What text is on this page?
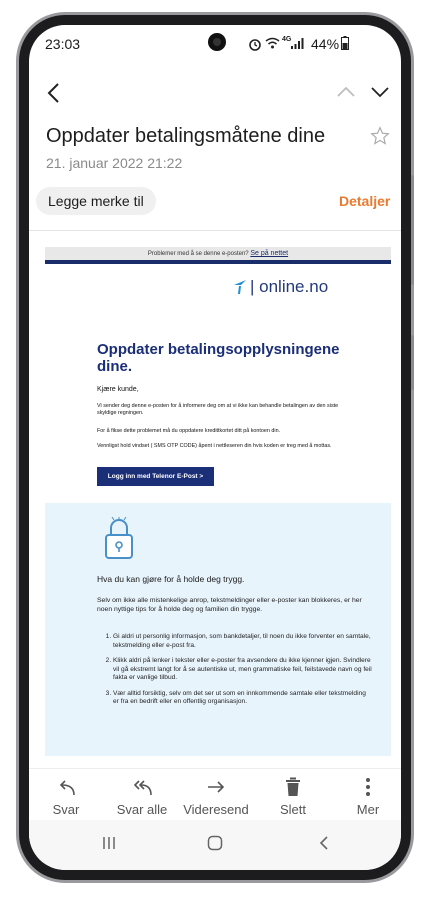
23:03	4G 44%
Oppdater betalingsmåtene dine
21. januar 2022 21:22
Legge merke til	Detaljer
Problemer med å se denne e-posten? Se på nettet
| online.no
Oppdater betalingsopplysningene dine.
Kjære kunde,
Vi sender deg denne e-posten for å informere deg om at vi ikke kan behandle betalingen av den siste skyldige regningen.
For å fikse dette problemet må du oppdatere kredittkortet ditt på kontoen din.
Vennligst hold vindset ( SMS OTP CODE) åpent i nettleseren din hvis koden er treg med å mottas.
Logg inn med Telenor E-Post >
Hva du kan gjøre for å holde deg trygg.
Selv om ikke alle mistenkelige anrop, tekstmeldinger eller e-poster kan blokkeres, er her noen nyttige tips for å holde deg og familien din trygge.
1. Gi aldri ut personlig informasjon, som bankdetaljer, til noen du ikke forventer en samtale, tekstmelding eller e-post fra.
2. Klikk aldri på lenker i tekster eller e-poster fra avsendere du ikke kjenner igjen. Svindlere vil gå ekstremt langt for å se autentiske ut, men grammatiske feil, feilstavede navn og feil fakta er vanlige tilbud.
3. Vær alltid forsiktig, selv om det ser ut som en innkommende samtale eller tekstmelding er fra en bedrift eller en offentlig organisasjon.
Svar	Svar alle	Videresend	Slett	Mer
